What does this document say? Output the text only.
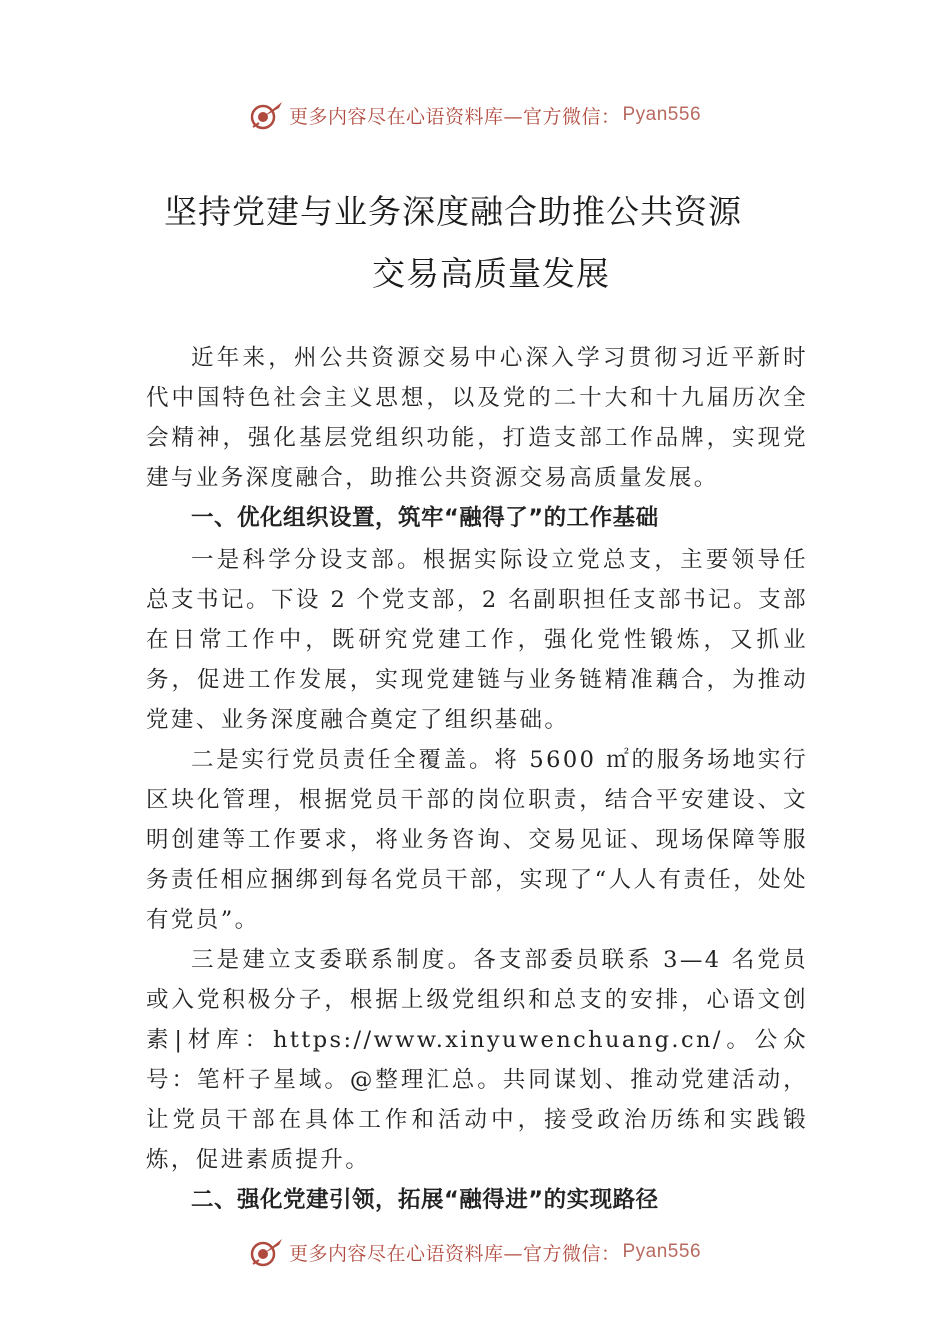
更多内容尽在心语资料库—官方微信： Pyan556
坚持党建与业务深度融合助推公共资源
交易高质量发展

近年来，州公共资源交易中心深入学习贯彻习近平新时代中国特色社会主义思想，以及党的二十大和十九届历次全会精神，强化基层党组织功能，打造支部工作品牌，实现党建与业务深度融合，助推公共资源交易高质量发展。

一、优化组织设置，筑牢“融得了”的工作基础

一是科学分设支部。根据实际设立党总支，主要领导任总支书记。下设 2 个党支部，2 名副职担任支部书记。支部在日常工作中，既研究党建工作，强化党性锻炼，又抓业务，促进工作发展，实现党建链与业务链精准藕合，为推动党建、业务深度融合奠定了组织基础。

二是实行党员责任全覆盖。将 5600 ㎡的服务场地实行区块化管理，根据党员干部的岗位职责，结合平安建设、文明创建等工作要求，将业务咨询、交易见证、现场保障等服务责任相应捆绑到每名党员干部，实现了“人人有责任，处处有党员”。

三是建立支委联系制度。各支部委员联系 3—4 名党员或入党积极分子，根据上级党组织和总支的安排，心语文创素|材库：https://www.xinyuwenchuang.cn/。公众号：笔杆子星域。@整理汇总。共同谋划、推动党建活动，让党员干部在具体工作和活动中，接受政治历练和实践锻炼，促进素质提升。

二、强化党建引领，拓展“融得进”的实现路径
更多内容尽在心语资料库—官方微信： Pyan556
